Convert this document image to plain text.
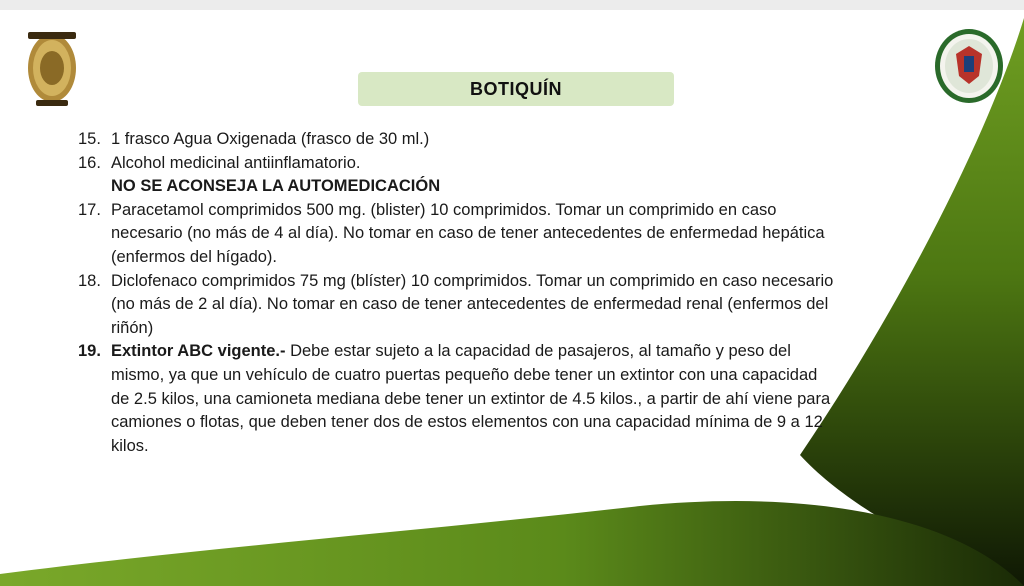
BOTIQUÍN
15. 1 frasco Agua Oxigenada (frasco de 30 ml.)
16. Alcohol medicinal antiinflamatorio.
NO SE ACONSEJA LA AUTOMEDICACIÓN
17. Paracetamol comprimidos 500 mg. (blister) 10 comprimidos. Tomar un comprimido en caso necesario (no más de 4 al día). No tomar en caso de tener antecedentes de enfermedad hepática (enfermos del hígado).
18. Diclofenaco comprimidos 75 mg (blíster) 10 comprimidos. Tomar un comprimido en caso necesario (no más de 2 al día). No tomar en caso de tener antecedentes de enfermedad renal (enfermos del riñón)
19. Extintor ABC vigente.- Debe estar sujeto a la capacidad de pasajeros, al tamaño y peso del mismo, ya que un vehículo de cuatro puertas pequeño debe tener un extintor con una capacidad de 2.5 kilos, una camioneta mediana debe tener un extintor de 4.5 kilos., a partir de ahí viene para camiones o flotas, que deben tener dos de estos elementos con una capacidad mínima de 9 a 12 kilos.
